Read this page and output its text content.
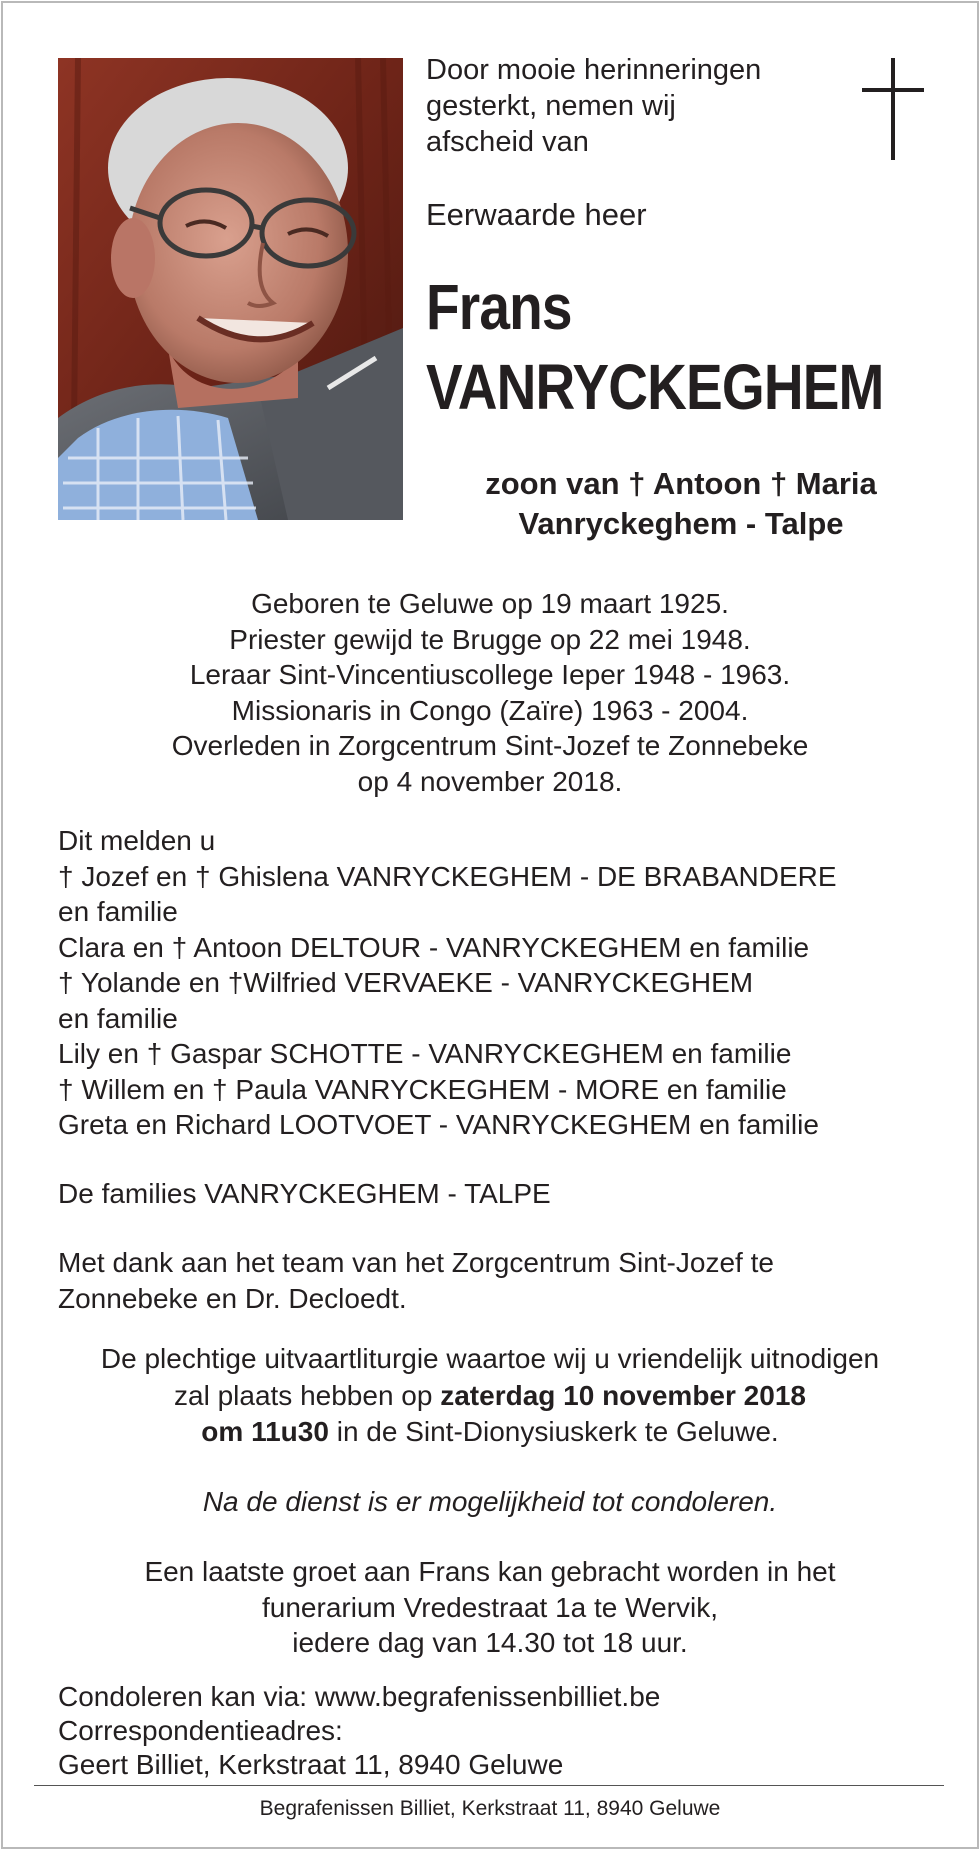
Door mooie herinneringen
gesterkt, nemen wij
afscheid van
Eerwaarde heer
Frans
VANRYCKEGHEM
zoon van † Antoon † Maria
Vanryckeghem - Talpe
Geboren te Geluwe op 19 maart 1925.
Priester gewijd te Brugge op 22 mei 1948.
Leraar Sint-Vincentiuscollege Ieper 1948 - 1963.
Missionaris in Congo (Zaïre) 1963 - 2004.
Overleden in Zorgcentrum Sint-Jozef te Zonnebeke
op 4 november 2018.
Dit melden u
† Jozef en † Ghislena VANRYCKEGHEM - DE BRABANDERE
en familie
Clara en † Antoon DELTOUR - VANRYCKEGHEM en familie
† Yolande en †Wilfried VERVAEKE - VANRYCKEGHEM
en familie
Lily en † Gaspar SCHOTTE - VANRYCKEGHEM en familie
† Willem en † Paula VANRYCKEGHEM - MORE en familie
Greta en Richard LOOTVOET - VANRYCKEGHEM en familie
De families VANRYCKEGHEM - TALPE
Met dank aan het team van het Zorgcentrum Sint-Jozef te
Zonnebeke en Dr. Decloedt.
De plechtige uitvaartliturgie waartoe wij u vriendelijk uitnodigen
zal plaats hebben op zaterdag 10 november 2018
om 11u30 in de Sint-Dionysiuskerk te Geluwe.
Na de dienst is er mogelijkheid tot condoleren.
Een laatste groet aan Frans kan gebracht worden in het
funerarium Vredestraat 1a te Wervik,
iedere dag van 14.30 tot 18 uur.
Condoleren kan via: www.begrafenissenbilliet.be
Correspondentieadres:
Geert Billiet, Kerkstraat 11, 8940 Geluwe
Begrafenissen Billiet, Kerkstraat 11, 8940 Geluwe
